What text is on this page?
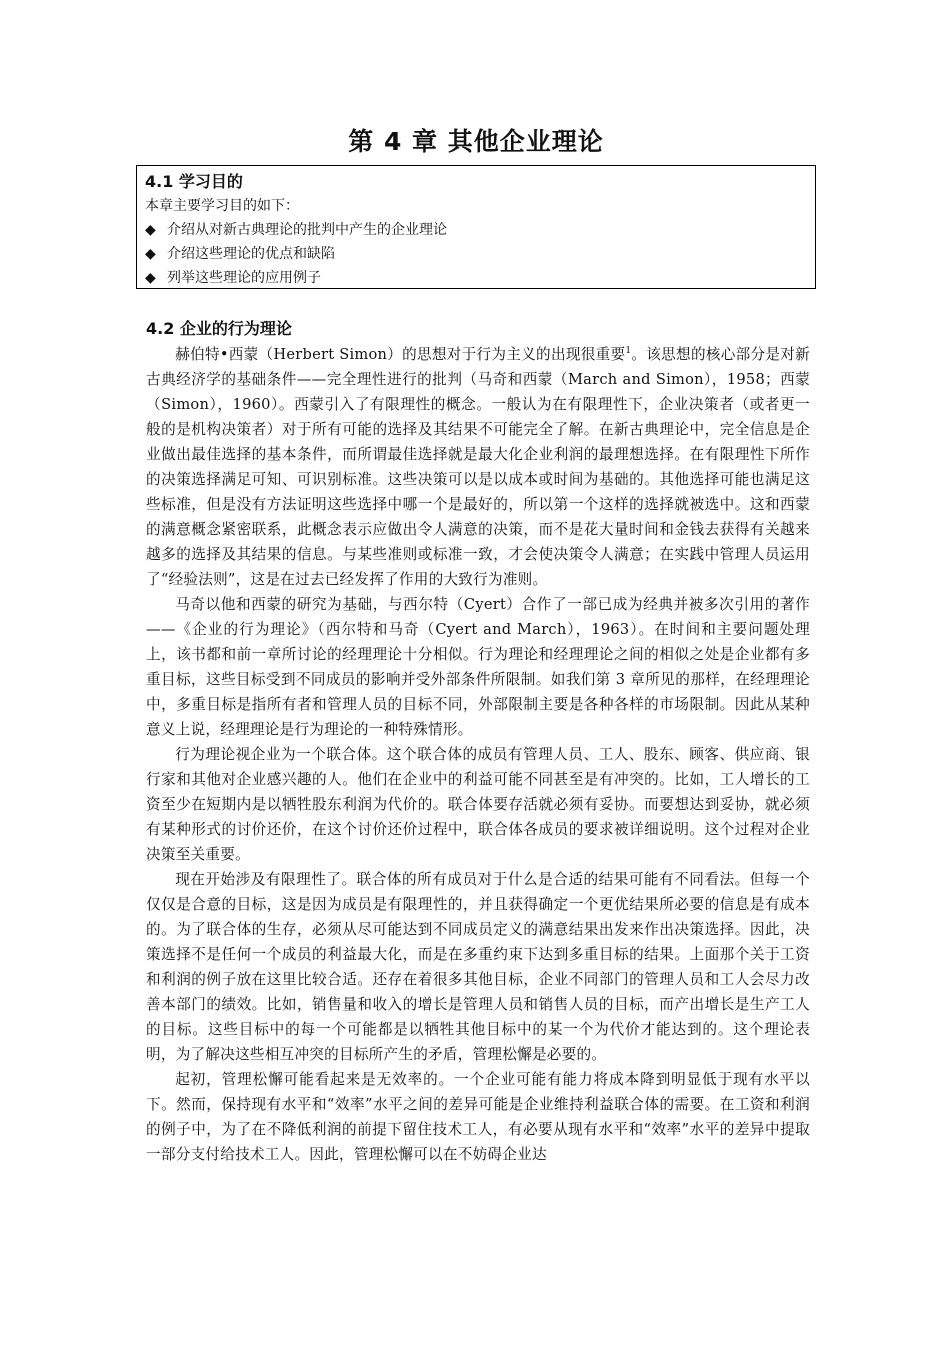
第 4 章 其他企业理论

4.1 学习目的

本章主要学习目的如下：

◆ 介绍从对新古典理论的批判中产生的企业理论
◆ 介绍这些理论的优点和缺陷
◆ 列举这些理论的应用例子
4.2 企业的行为理论

赫伯特•西蒙（Herbert Simon）的思想对于行为主义的出现很重要$^1$。该思想的核心部分是对新古典经济学的基础条件——完全理性进行的批判（马奇和西蒙（March and Simon），1958；西蒙（Simon），1960）。西蒙引入了有限理性的概念。一般认为在有限理性下，企业决策者（或者更一般的是机构决策者）对于所有可能的选择及其结果不可能完全了解。在新古典理论中，完全信息是企业做出最佳选择的基本条件，而所谓最佳选择就是最大化企业利润的最理想选择。在有限理性下所作的决策选择满足可知、可识别标准。这些决策可以是以成本或时间为基础的。其他选择可能也满足这些标准，但是没有方法证明这些选择中哪一个是最好的，所以第一个这样的选择就被选中。这和西蒙的满意概念紧密联系，此概念表示应做出令人满意的决策，而不是花大量时间和金钱去获得有关越来越多的选择及其结果的信息。与某些准则或标准一致，才会使决策令人满意；在实践中管理人员运用了“经验法则”，这是在过去已经发挥了作用的大致行为准则。

马奇以他和西蒙的研究为基础，与西尔特（Cyert）合作了一部已成为经典并被多次引用的著作——《企业的行为理论》（西尔特和马奇（Cyert and March），1963）。在时间和主要问题处理上，该书都和前一章所讨论的经理理论十分相似。行为理论和经理理论之间的相似之处是企业都有多重目标，这些目标受到不同成员的影响并受外部条件所限制。如我们第 3 章所见的那样，在经理理论中，多重目标是指所有者和管理人员的目标不同，外部限制主要是各种各样的市场限制。因此从某种意义上说，经理理论是行为理论的一种特殊情形。

行为理论视企业为一个联合体。这个联合体的成员有管理人员、工人、股东、顾客、供应商、银行家和其他对企业感兴趣的人。他们在企业中的利益可能不同甚至是有冲突的。比如，工人增长的工资至少在短期内是以牺牲股东利润为代价的。联合体要存活就必须有妥协。而要想达到妥协，就必须有某种形式的讨价还价，在这个讨价还价过程中，联合体各成员的要求被详细说明。这个过程对企业决策至关重要。

现在开始涉及有限理性了。联合体的所有成员对于什么是合适的结果可能有不同看法。但每一个仅仅是合意的目标，这是因为成员是有限理性的，并且获得确定一个更优结果所必要的信息是有成本的。为了联合体的生存，必须从尽可能达到不同成员定义的满意结果出发来作出决策选择。因此，决策选择不是任何一个成员的利益最大化，而是在多重约束下达到多重目标的结果。上面那个关于工资和利润的例子放在这里比较合适。还存在着很多其他目标，企业不同部门的管理人员和工人会尽力改善本部门的绩效。比如，销售量和收入的增长是管理人员和销售人员的目标，而产出增长是生产工人的目标。这些目标中的每一个可能都是以牺牲其他目标中的某一个为代价才能达到的。这个理论表明，为了解决这些相互冲突的目标所产生的矛盾，管理松懈是必要的。

起初，管理松懈可能看起来是无效率的。一个企业可能有能力将成本降到明显低于现有水平以下。然而，保持现有水平和“效率”水平之间的差异可能是企业维持利益联合体的需要。在工资和利润的例子中，为了在不降低利润的前提下留住技术工人，有必要从现有水平和“效率”水平的差异中提取一部分支付给技术工人。因此，管理松懈可以在不妨碍企业达
